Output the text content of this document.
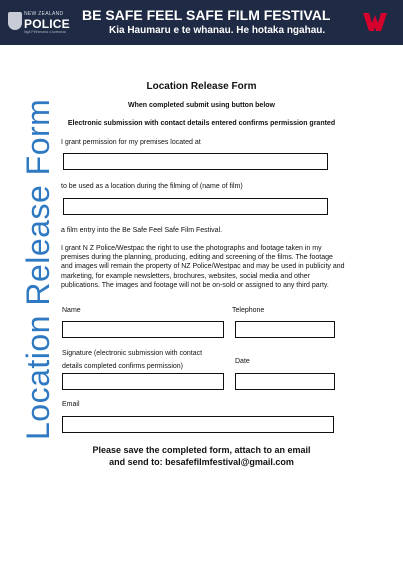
NEW ZEALAND
POLICE
Ngā Pirihimana o Aotearoa
BE SAFE FEEL SAFE FILM FESTIVAL
Kia Haumaru e te whanau. He hotaka ngahau.
Location Release Form
Location Release Form
When completed submit using button below
Electronic submission with contact details entered confirms permission granted
I grant permission for my premises located at
to be used as a location during the filming of (name of film)
a film entry into the Be Safe Feel Safe Film Festival.
I grant N Z Police/Westpac the right to use the photographs and footage taken in my premises during the planning, producing, editing and screening of the films. The footage and images will remain the property of NZ Police/Westpac and may be used in publicity and marketing, for example newsletters, brochures, websites, social media and other publications. The images and footage will not be on-sold or assigned to any third party.
Name	Telephone
Signature (electronic submission with contact
details completed confirms permission)
Date
Email
Please save the completed form, attach to an email
and send to: besafefilmfestival@gmail.com
